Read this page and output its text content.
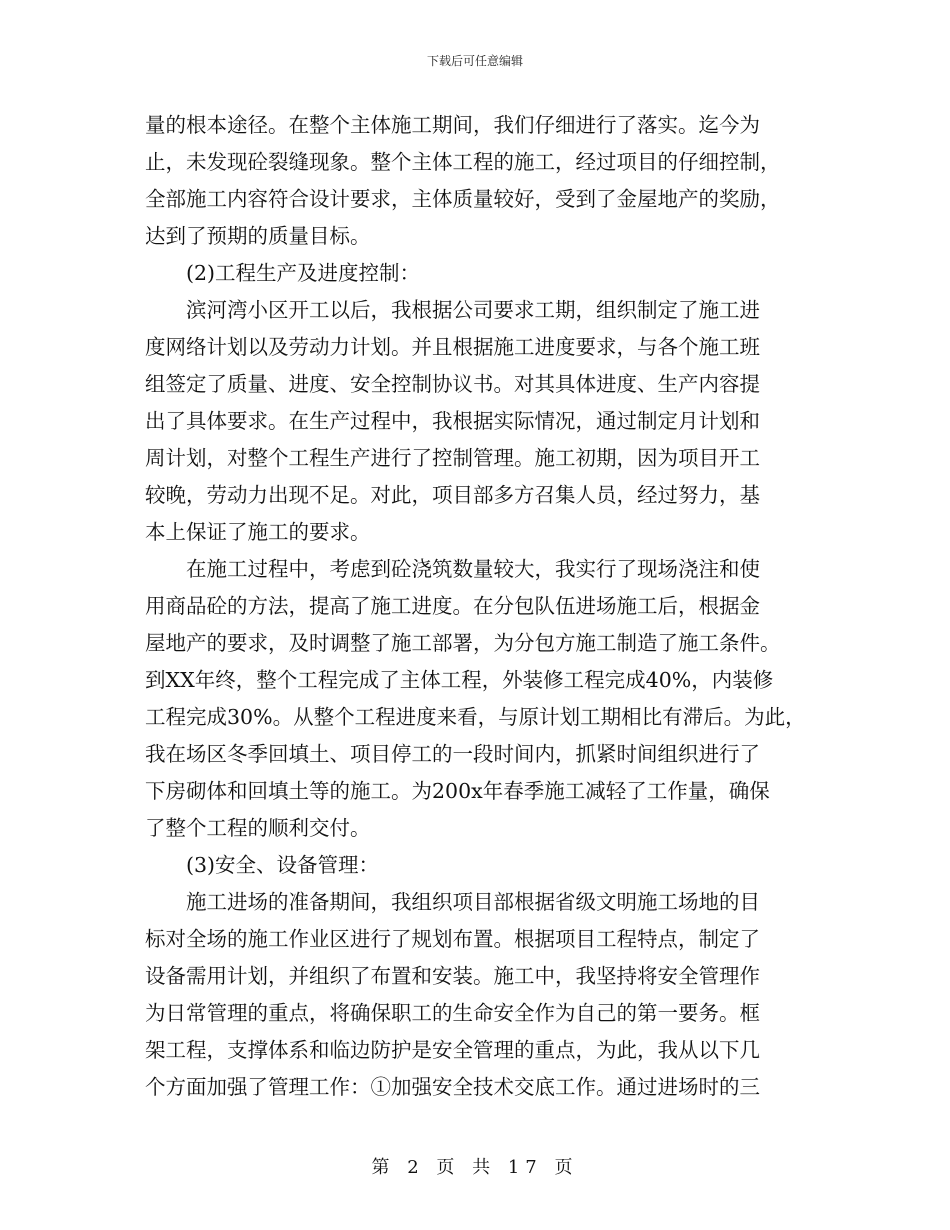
下载后可任意编辑
量的根本途径。在整个主体施工期间，我们仔细进行了落实。迄今为
止，未发现砼裂缝现象。整个主体工程的施工，经过项目的仔细控制，
全部施工内容符合设计要求，主体质量较好，受到了金屋地产的奖励，
达到了预期的质量目标。
(2)工程生产及进度控制：
滨河湾小区开工以后，我根据公司要求工期，组织制定了施工进
度网络计划以及劳动力计划。并且根据施工进度要求，与各个施工班
组签定了质量、进度、安全控制协议书。对其具体进度、生产内容提
出了具体要求。在生产过程中，我根据实际情况，通过制定月计划和
周计划，对整个工程生产进行了控制管理。施工初期，因为项目开工
较晚，劳动力出现不足。对此，项目部多方召集人员，经过努力，基
本上保证了施工的要求。
在施工过程中，考虑到砼浇筑数量较大，我实行了现场浇注和使
用商品砼的方法，提高了施工进度。在分包队伍进场施工后，根据金
屋地产的要求，及时调整了施工部署，为分包方施工制造了施工条件。
到XX年终，整个工程完成了主体工程，外装修工程完成40%，内装修
工程完成30%。从整个工程进度来看，与原计划工期相比有滞后。为此，
我在场区冬季回填土、项目停工的一段时间内，抓紧时间组织进行了
下房砌体和回填土等的施工。为200x年春季施工减轻了工作量，确保
了整个工程的顺利交付。
(3)安全、设备管理：
施工进场的准备期间，我组织项目部根据省级文明施工场地的目
标对全场的施工作业区进行了规划布置。根据项目工程特点，制定了
设备需用计划，并组织了布置和安装。施工中，我坚持将安全管理作
为日常管理的重点，将确保职工的生命安全作为自己的第一要务。框
架工程，支撑体系和临边防护是安全管理的重点，为此，我从以下几
个方面加强了管理工作：①加强安全技术交底工作。通过进场时的三
第 2 页 共 17 页
